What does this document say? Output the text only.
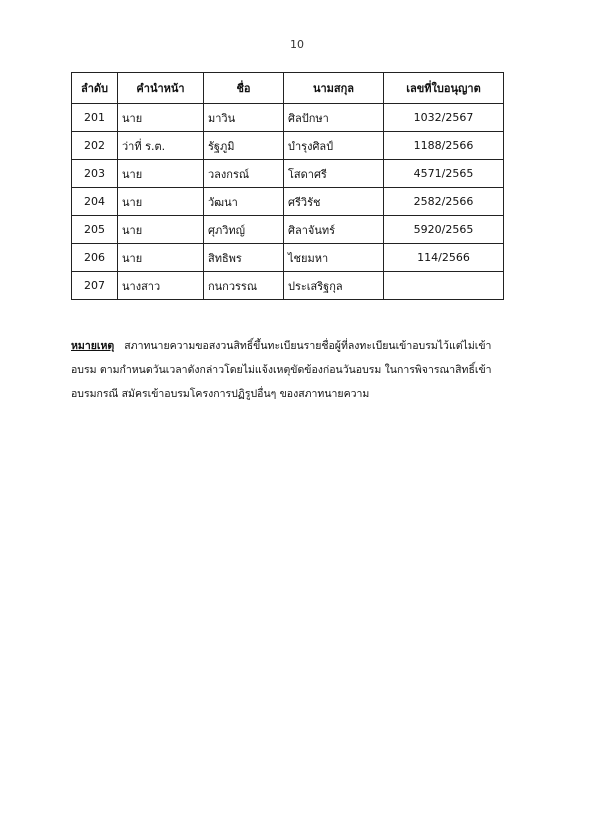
10
ลำดับ	คำนำหน้า	ชื่อ	นามสกุล	เลขที่ใบอนุญาต
201	นาย	มาวิน	ศิลปักษา	1032/2567
202	ว่าที่ ร.ต.	รัฐภูมิ	บำรุงศิลป์	1188/2566
203	นาย	วลงกรณ์	โสดาศรี	4571/2565
204	นาย	วัฒนา	ศรีวิรัช	2582/2566
205	นาย	ศุภวิทญ์	ศิลาจันทร์	5920/2565
206	นาย	สิทธิพร	ไชยมหา	114/2566
207	นางสาว	กนกวรรณ	ประเสริฐกุล	
หมายเหตุ สภาทนายความขอสงวนสิทธิ์ขึ้นทะเบียนรายชื่อผู้ที่ลงทะเบียนเข้าอบรมไว้แต่ไม่เข้า
อบรม ตามกำหนดวันเวลาดังกล่าวโดยไม่แจ้งเหตุขัดข้องก่อนวันอบรม ในการพิจารณาสิทธิ์เข้า
อบรมกรณี สมัครเข้าอบรมโครงการปฏิรูปอื่นๆ ของสภาทนายความ
